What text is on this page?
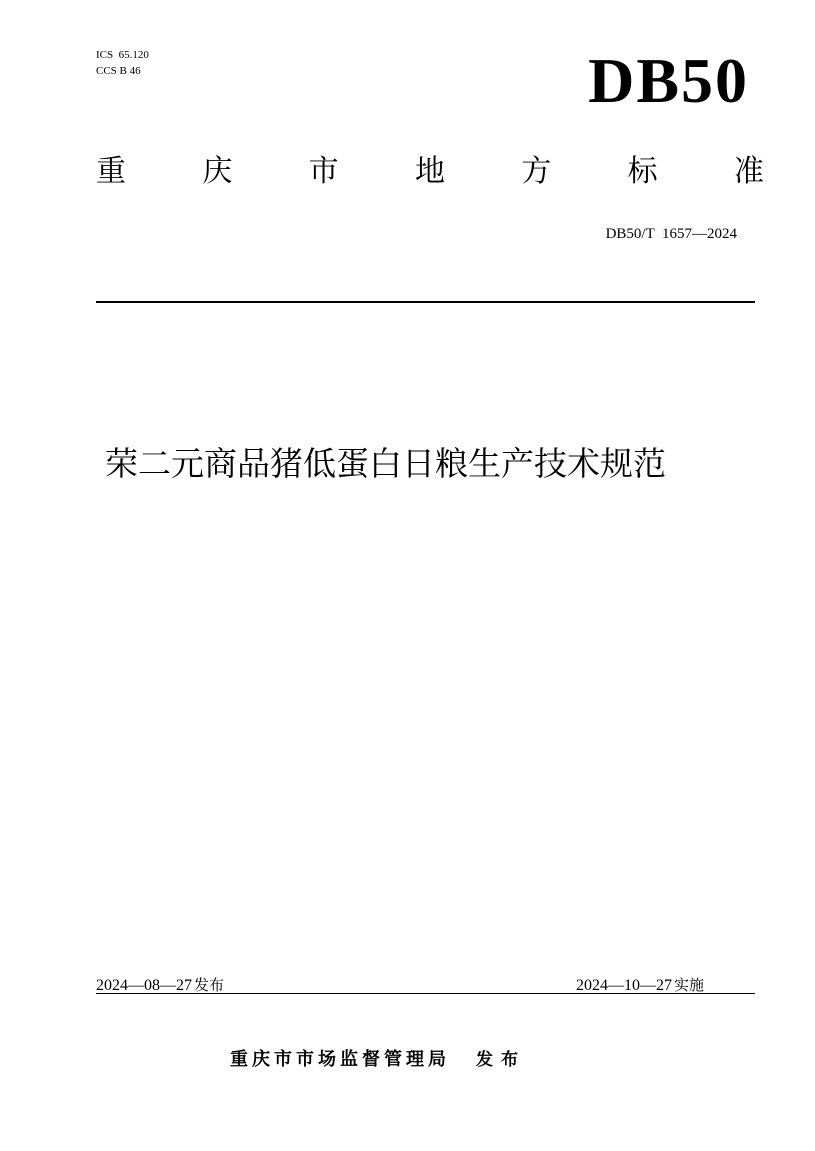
ICS  65.120
CCS B 46	DB50
重	庆	市	地	方	标	准
DB50/T  1657—2024
荣二元商品猪低蛋白日粮生产技术规范
2024—08—27 发布	2024—10—27 实施
重庆市市场监督管理局 发布
